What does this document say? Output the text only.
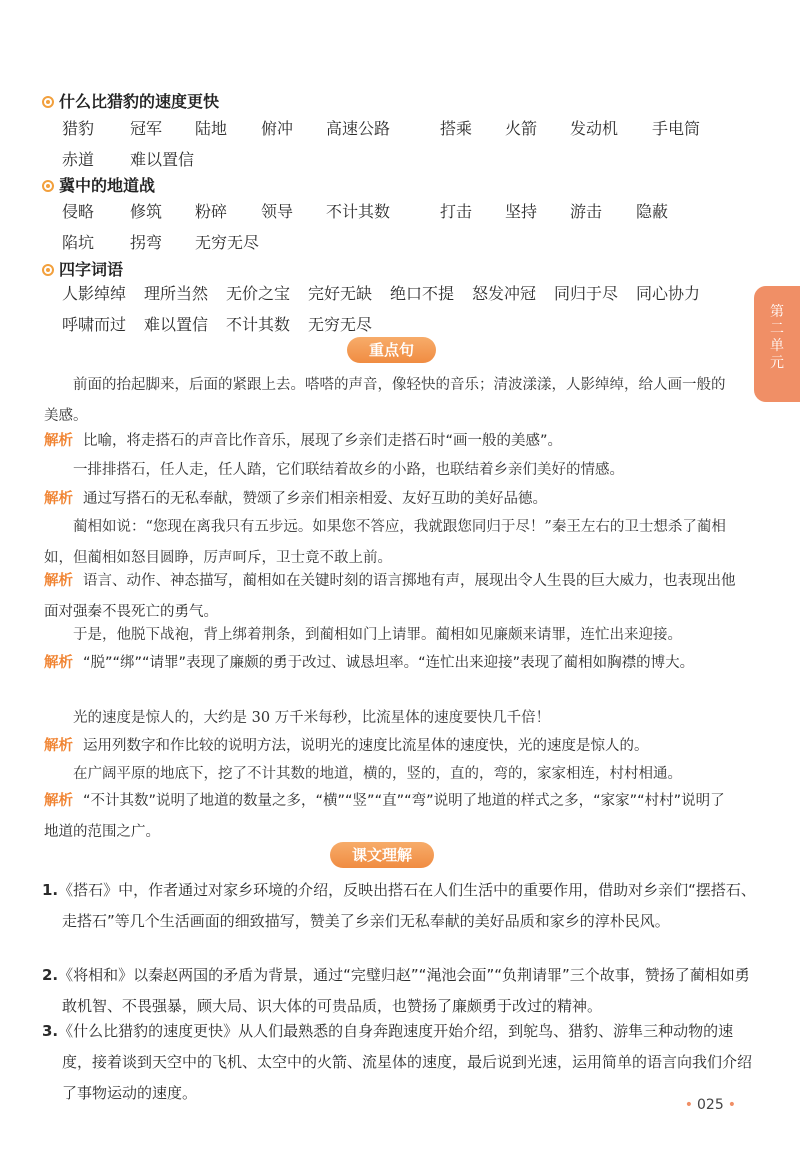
什么比猎豹的速度更快
猎豹 冠军 陆地 俯冲 高速公路	搭乘 火箭 发动机 手电筒
赤道 难以置信
冀中的地道战
侵略 修筑 粉碎 领导 不计其数	打击 坚持 游击 隐蔽
陷坑 拐弯 无穷无尽
四字词语
人影绰绰 理所当然 无价之宝 完好无缺 绝口不提 怒发冲冠 同归于尽 同心协力
呼啸而过 难以置信 不计其数 无穷无尽
重点句
前面的抬起脚来，后面的紧跟上去。嗒嗒的声音，像轻快的音乐；清波漾漾，人影绰绰，给人画一般的美感。
解析 比喻，将走搭石的声音比作音乐，展现了乡亲们走搭石时“画一般的美感”。
一排排搭石，任人走，任人踏，它们联结着故乡的小路，也联结着乡亲们美好的情感。
解析 通过写搭石的无私奉献，赞颂了乡亲们相亲相爱、友好互助的美好品德。
蔺相如说：“您现在离我只有五步远。如果您不答应，我就跟您同归于尽！”秦王左右的卫士想杀了蔺相如，但蔺相如怒目圆睁，厉声呵斥，卫士竟不敢上前。
解析 语言、动作、神态描写，蔺相如在关键时刻的语言掷地有声，展现出令人生畏的巨大威力，也表现出他面对强秦不畏死亡的勇气。
于是，他脱下战袍，背上绑着荆条，到蔺相如门上请罪。蔺相如见廉颇来请罪，连忙出来迎接。
解析 “脱”“绑”“请罪”表现了廉颇的勇于改过、诚恳坦率。“连忙出来迎接”表现了蔺相如胸襟的博大。
光的速度是惊人的，大约是 30 万千米每秒，比流星体的速度要快几千倍！
解析 运用列数字和作比较的说明方法，说明光的速度比流星体的速度快，光的速度是惊人的。
在广阔平原的地底下，挖了不计其数的地道，横的，竖的，直的，弯的，家家相连，村村相通。
解析 “不计其数”说明了地道的数量之多，“横”“竖”“直”“弯”说明了地道的样式之多，“家家”“村村”说明了地道的范围之广。
课文理解
1.《搭石》中，作者通过对家乡环境的介绍，反映出搭石在人们生活中的重要作用，借助对乡亲们“摆搭石、走搭石”等几个生活画面的细致描写，赞美了乡亲们无私奉献的美好品质和家乡的淳朴民风。
2.《将相和》以秦赵两国的矛盾为背景，通过“完璧归赵”“渑池会面”“负荆请罪”三个故事，赞扬了蔺相如勇敢机智、不畏强暴，顾大局、识大体的可贵品质，也赞扬了廉颇勇于改过的精神。
3.《什么比猎豹的速度更快》从人们最熟悉的自身奔跑速度开始介绍，到鸵鸟、猎豹、游隼三种动物的速度，接着谈到天空中的飞机、太空中的火箭、流星体的速度，最后说到光速，运用简单的语言向我们介绍了事物运动的速度。
第二单元
• 025 •
